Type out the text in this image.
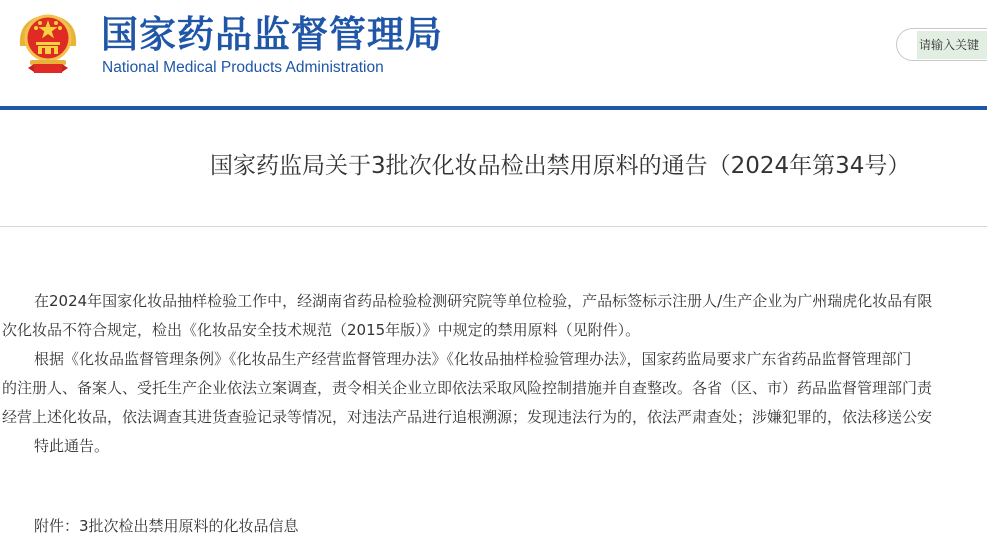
国家药品监督管理局
National Medical Products Administration
请输入关键
国家药监局关于3批次化妆品检出禁用原料的通告（2024年第34号）
在2024年国家化妆品抽样检验工作中，经湖南省药品检验检测研究院等单位检验，产品标签标示注册人/生产企业为广州瑞虎化妆品有限
次化妆品不符合规定，检出《化妆品安全技术规范（2015年版）》中规定的禁用原料（见附件）。
根据《化妆品监督管理条例》《化妆品生产经营监督管理办法》《化妆品抽样检验管理办法》，国家药监局要求广东省药品监督管理部门
的注册人、备案人、受托生产企业依法立案调查，责令相关企业立即依法采取风险控制措施并自查整改。各省（区、市）药品监督管理部门责
经营上述化妆品，依法调查其进货查验记录等情况，对违法产品进行追根溯源；发现违法行为的，依法严肃查处；涉嫌犯罪的，依法移送公安
特此通告。
附件：3批次检出禁用原料的化妆品信息
